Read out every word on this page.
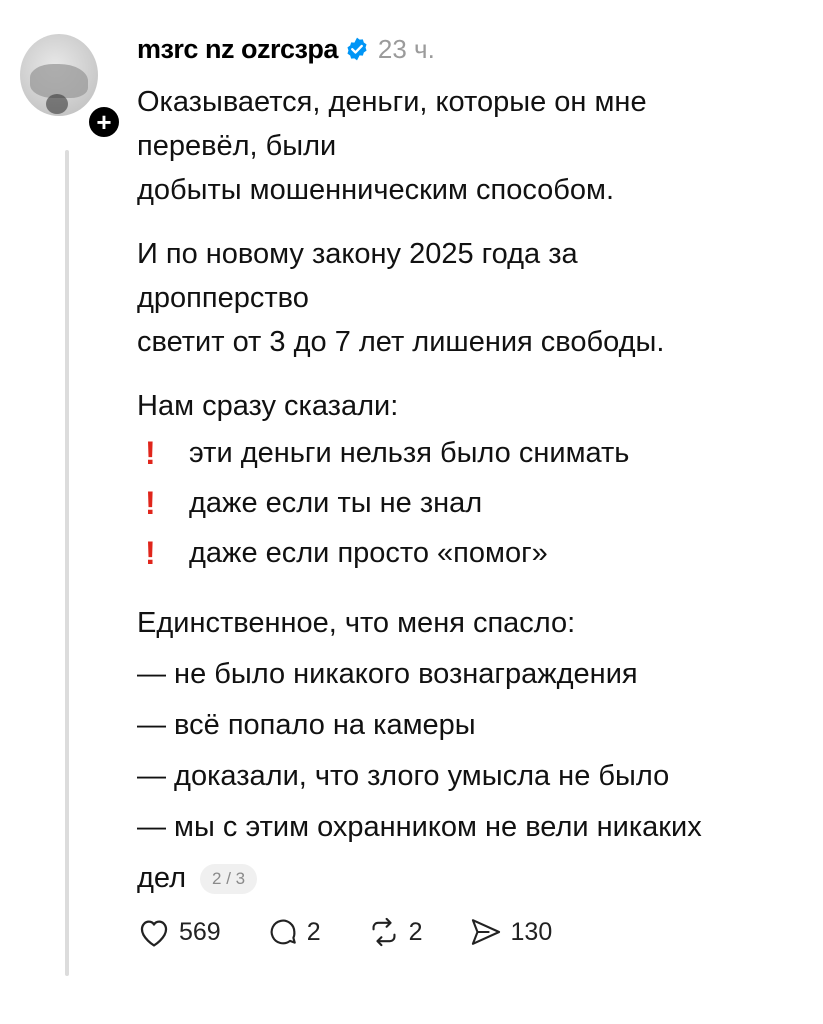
+
mзrc nz ozrcзpa 23 ч.
Оказывается, деньги, которые он мне
перевёл, были
добыты мошенническим способом.
И по новому закону 2025 года за
дропперство
светит от 3 до 7 лет лишения свободы.
Нам сразу сказали:
!	эти деньги нельзя было снимать
!	даже если ты не знал
!	даже если просто «помог»
Единственное, что меня спасло:
— не было никакого вознаграждения
— всё попало на камеры
— доказали, что злого умысла не было
— мы с этим охранником не вели никаких
дел 2 / 3
569	2	2	130
